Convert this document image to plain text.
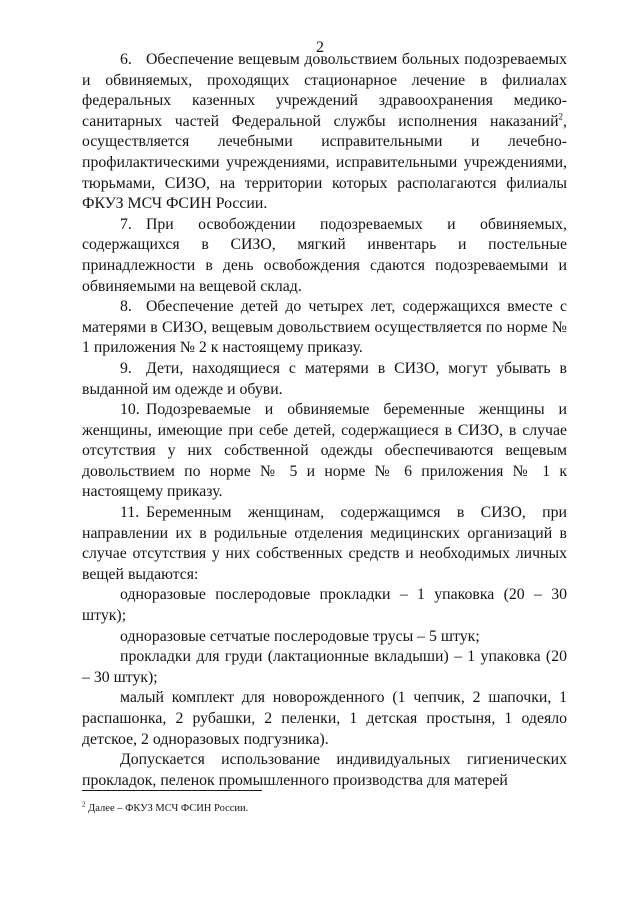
2

6. Обеспечение вещевым довольствием больных подозреваемых и обвиняемых, проходящих стационарное лечение в филиалах федеральных казенных учреждений здравоохранения медико-санитарных частей Федеральной службы исполнения наказаний$^2$, осуществляется лечебными исправительными и лечебно-профилактическими учреждениями, исправительными учреждениями, тюрьмами, СИЗО, на территории которых располагаются филиалы ФКУЗ МСЧ ФСИН России.

7. При освобождении подозреваемых и обвиняемых, содержащихся в СИЗО, мягкий инвентарь и постельные принадлежности в день освобождения сдаются подозреваемыми и обвиняемыми на вещевой склад.

8. Обеспечение детей до четырех лет, содержащихся вместе с матерями в СИЗО, вещевым довольствием осуществляется по норме № 1 приложения № 2 к настоящему приказу.

9. Дети, находящиеся с матерями в СИЗО, могут убывать в выданной им одежде и обуви.

10. Подозреваемые и обвиняемые беременные женщины и женщины, имеющие при себе детей, содержащиеся в СИЗО, в случае отсутствия у них собственной одежды обеспечиваются вещевым довольствием по норме № 5 и норме № 6 приложения № 1 к настоящему приказу.

11. Беременным женщинам, содержащимся в СИЗО, при направлении их в родильные отделения медицинских организаций в случае отсутствия у них собственных средств и необходимых личных вещей выдаются:

одноразовые послеродовые прокладки – 1 упаковка (20 – 30 штук);
одноразовые сетчатые послеродовые трусы – 5 штук;
прокладки для груди (лактационные вкладыши) – 1 упаковка (20 – 30 штук);
малый комплект для новорожденного (1 чепчик, 2 шапочки, 1 распашонка, 2 рубашки, 2 пеленки, 1 детская простыня, 1 одеяло детское, 2 одноразовых подгузника).

Допускается использование индивидуальных гигиенических прокладок, пеленок промышленного производства для матерей

$^2$ Далее – ФКУЗ МСЧ ФСИН России.
